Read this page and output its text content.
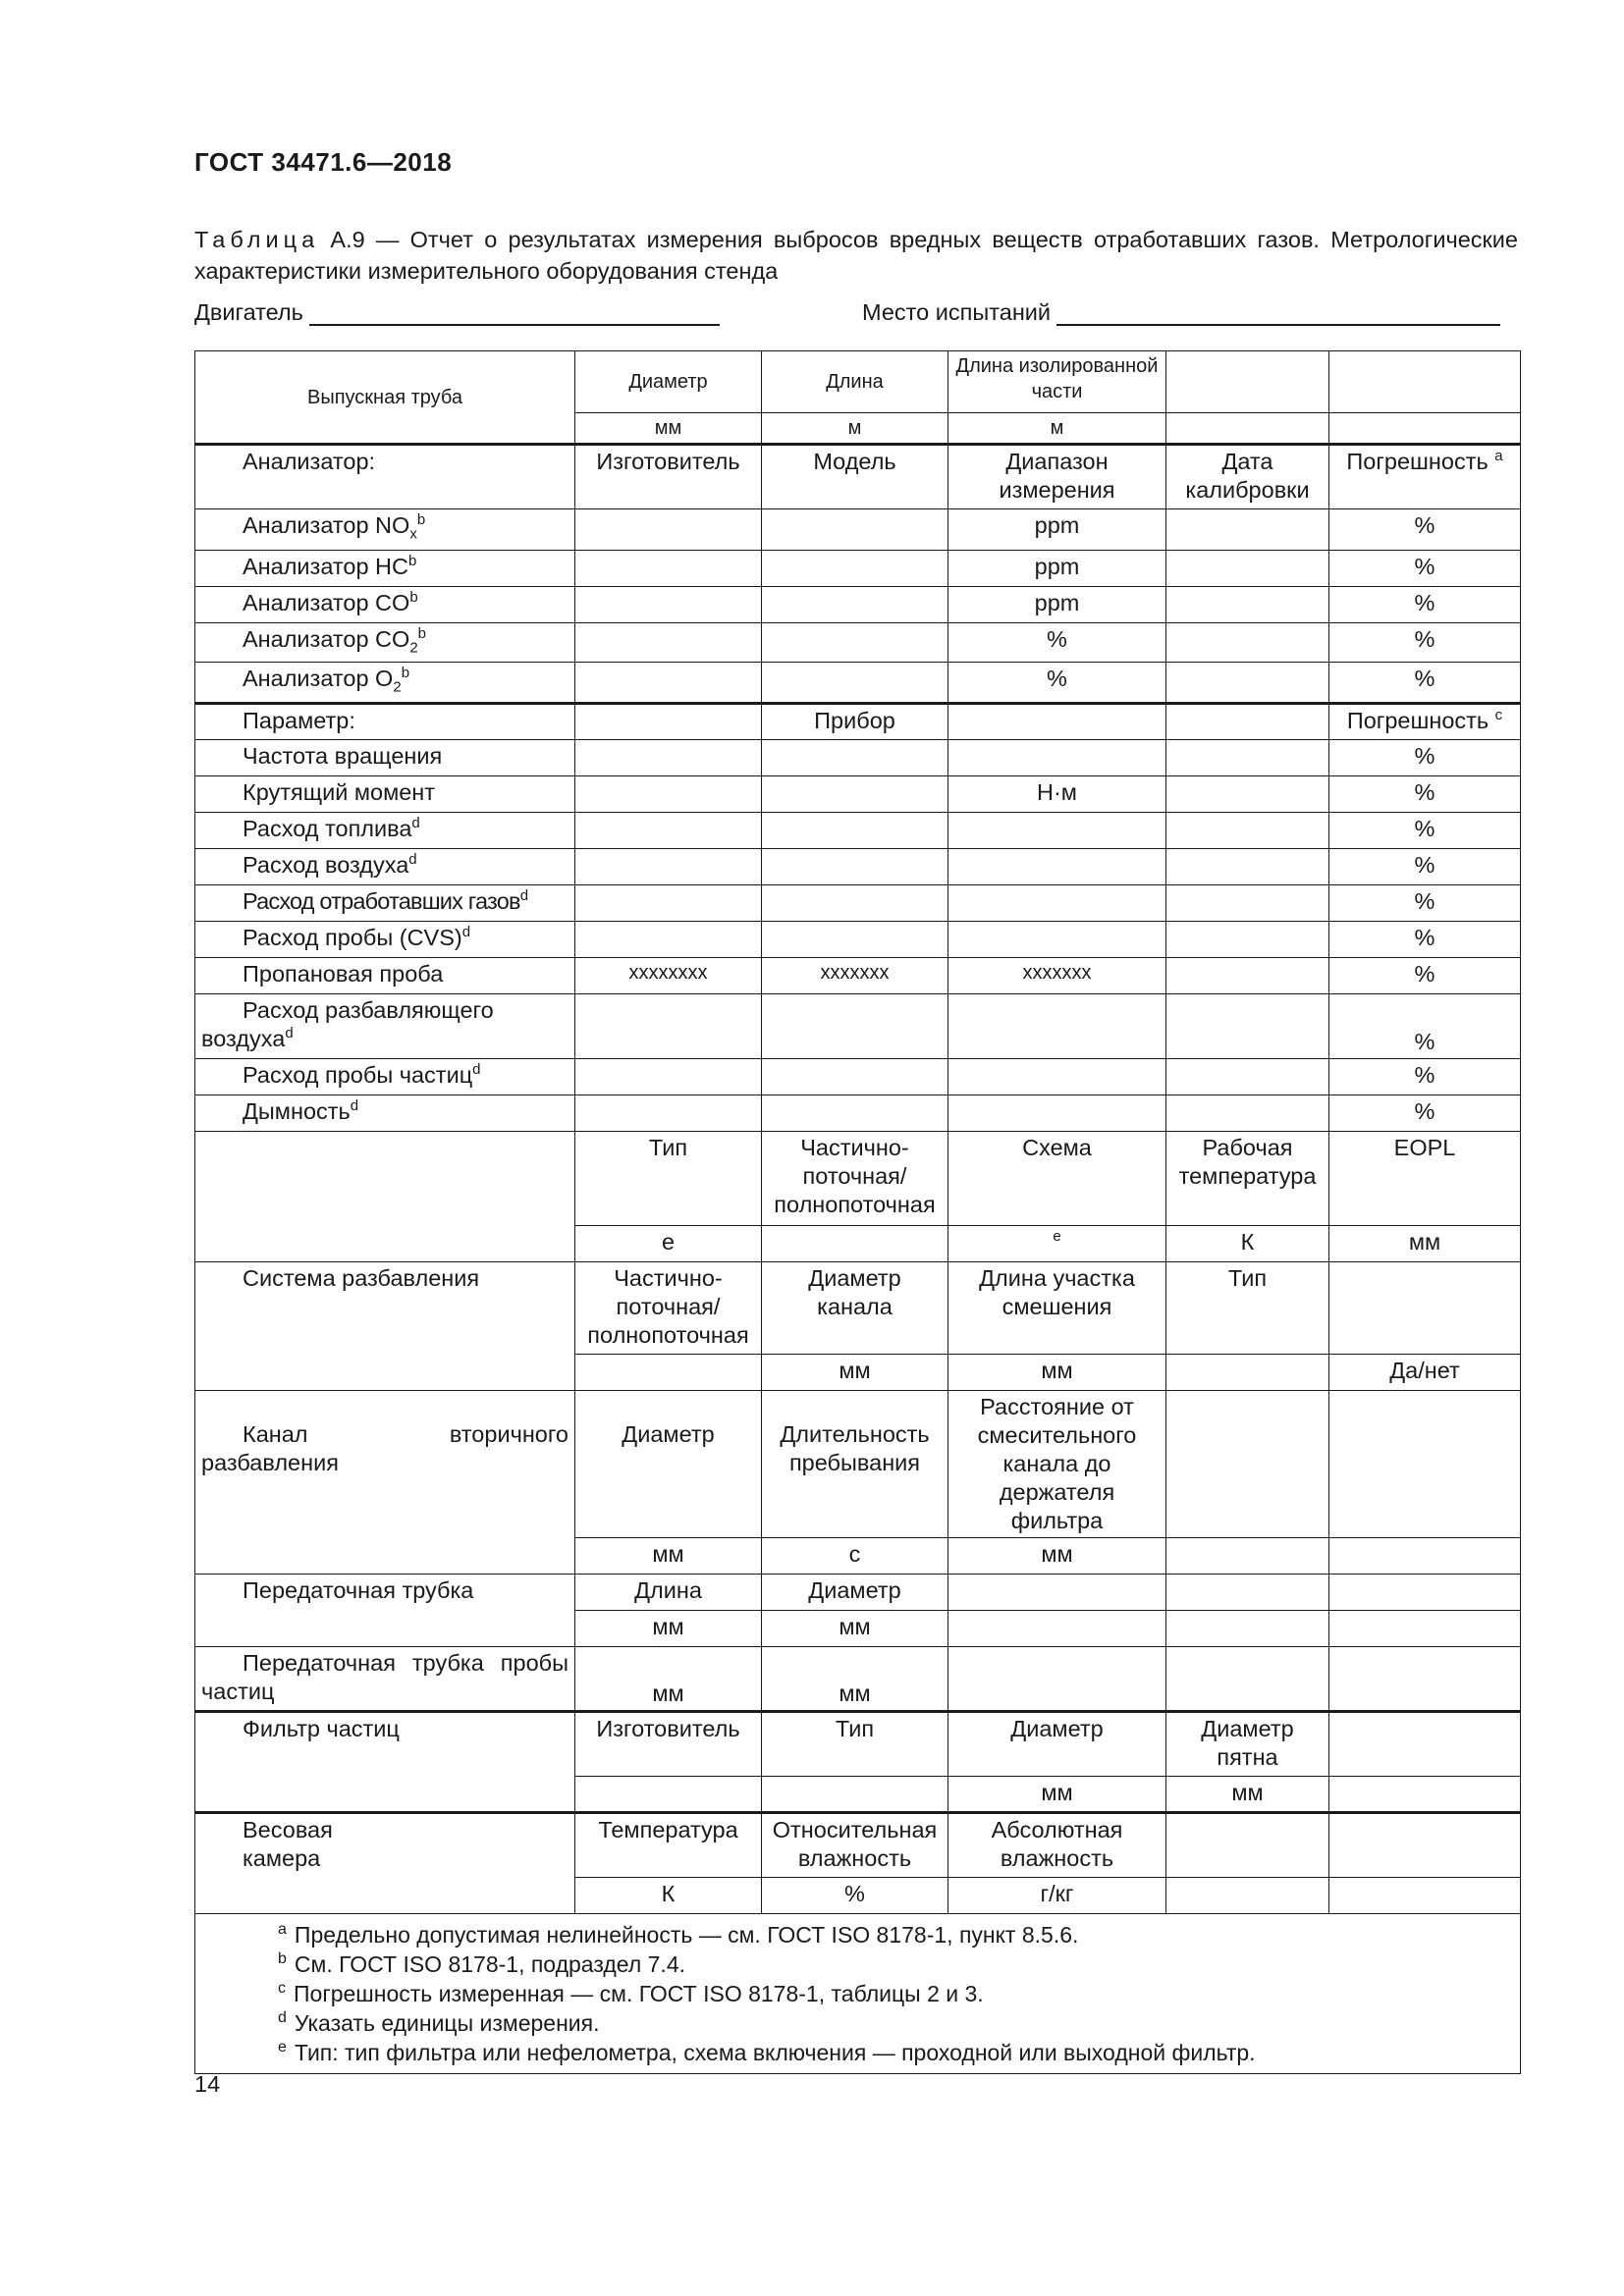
ГОСТ 34471.6—2018
Таблица А.9 — Отчет о результатах измерения выбросов вредных веществ отработавших газов. Метрологические характеристики измерительного оборудования стенда
Двигатель	Место испытаний
Выпускная труба	Диаметр	Длина	Длина изолированной части		
	мм	м	м		
Анализатор:	Изготовитель	Модель	Диапазон измерения	Дата калибровки	Погрешность $^a$
Анализатор $NO_x^b$			ppm		%
Анализатор $HC^b$			ppm		%
Анализатор $CO^b$			ppm		%
Анализатор $CO_2^b$			%		%
Анализатор $O_2^b$			%		%
Параметр:		Прибор			Погрешность $^c$
Частота вращения					%
Крутящий момент			Н·м		%
Расход топлива$^d$					%
Расход воздуха$^d$					%
Расход отработавших газов$^d$					%
Расход пробы (CVS)$^d$					%
Пропановая проба	xxxxxxxx	xxxxxxx	xxxxxxx		%
Расход разбавляющего воздуха$^d$					%
Расход пробы частиц$^d$					%
Дымность$^d$					%
	Тип	Частично-поточная/ полнопоточная	Схема	Рабочая температура	EOPL
	e		$^e$	К	мм
Система разбавления	Частично-поточная/ полнопоточная	Диаметр канала	Длина участка смешения	Тип	
		мм	мм		Да/нет
Канал вторичного разбавления	Диаметр	Длительность пребывания	Расстояние от смесительного канала до держателя фильтра		
	мм	с	мм		
Передаточная трубка	Длина	Диаметр			
	мм	мм			
Передаточная трубка пробы частиц	мм	мм			
Фильтр частиц	Изготовитель	Тип	Диаметр	Диаметр пятна	
			мм	мм	
Весовая камера	Температура	Относительная влажность	Абсолютная влажность		
	К	%	г/кг		

$^a$ Предельно допустимая нелинейность — см. ГОСТ ISO 8178-1, пункт 8.5.6.
$^b$ См. ГОСТ ISO 8178-1, подраздел 7.4.
$^c$ Погрешность измеренная — см. ГОСТ ISO 8178-1, таблицы 2 и 3.
$^d$ Указать единицы измерения.
$^e$ Тип: тип фильтра или нефелометра, схема включения — проходной или выходной фильтр.					
14
